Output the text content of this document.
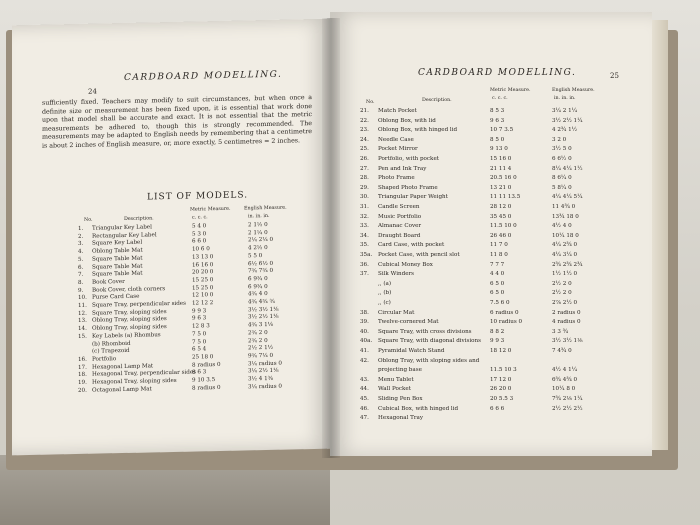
24
CARDBOARD MODELLING.
sufficiently fixed. Teachers may modify to suit circumstances, but when once a definite size or measurement has been fixed upon, it is essential that work done upon that model shall be accurate and exact. It is not essential that the metric measurements be adhered to, though this is strongly recommended. The measurements may be adapted to English needs by remembering that a centimetre is about 2 inches of English measure, or, more exactly, 5 centimetres = 2 inches.
LIST OF MODELS.
Metric Measure.	English Measure.
No.	Description.	c. c. c.	in. in. in.
1. Triangular Key Label	5 4 0	2 1½ 0
2. Rectangular Key Label	5 3 0	2 1¼ 0
3. Square Key Label	6 6 0	2¼ 2¼ 0
4. Oblong Table Mat	10 6 0	4 2½ 0
5. Square Table Mat	13 13 0	5 5 0
6. Square Table Mat	16 16 0	6½ 6½ 0
7. Square Table Mat	20 20 0	7¾ 7¾ 0
8. Book Cover	15 25 0	6 9¾ 0
9. Book Cover, cloth corners	15 25 0	6 9¾ 0
10. Purse Card Case	12 10 0	4¾ 4 0
11. Square Tray, perpendicular sides 12 12 2	4¾ 4¾ ¾
12. Square Tray, sloping sides	9 9 3	3½ 3½ 1⅛
13. Oblong Tray, sloping sides	9 6 3	3½ 2½ 1⅛
14. Oblong Tray, sloping sides	12 8 3	4¾ 3 1⅛
15. Key Labels (a) Rhombus	7 5 0	2¾ 2 0
(b) Rhomboid	7 5 0	2¾ 2 0
(c) Trapezoid	6 5 4	2½ 2 1½
16. Portfolio	25 18 0	9¾ 7¼ 0
17. Hexagonal Lamp Mat	8 radius 0	3¼ radius 0
18. Hexagonal Tray, perpendicular sides
8 6 3	3¼ 2½ 1⅛
19. Hexagonal Tray, sloping sides	9 10 3.5	3½ 4 1⅜
20. Octagonal Lamp Mat	8 radius 0	3¼ radius 0
CARDBOARD MODELLING.	25
Metric Measure.	English Measure.
No.	Description.	c. c. c.	in. in. in.
21. Match Pocket	8 5 3	3¼ 2 1¼
22. Oblong Box, with lid	9 6 3	3½ 2½ 1¼
23. Oblong Box, with hinged lid	10 7 3.5	4 2¾ 1½
24. Needle Case	8 5 0	3 2 0
25. Pocket Mirror	9 13 0	3½ 5 0
26. Portfolio, with pocket	15 16 0	6 6½ 0
27. Pen and Ink Tray	21 11 4	8¼ 4¼ 1½
28. Photo Frame	20.5 16 0	8 6¼ 0
29. Shaped Photo Frame	13 21 0	5 8¼ 0
30. Triangular Paper Weight	11 11 13.5	4¼ 4¼ 5¼
31. Candle Screen	28 12 0	11 4¾ 0
32. Music Portfolio	35 45 0	13¾ 18 0
33. Almanac Cover	11.5 10 0	4½ 4 0
34. Draught Board	26 46 0	10¼ 18 0
35. Card Case, with pocket	11 7 0	4¼ 2¾ 0
35a. Pocket Case, with pencil slot	11 8 0	4¼ 3¼ 0
36. Cubical Money Box	7 7 7	2¾ 2¾ 2¾
37. Silk Winders	4 4 0	1½ 1½ 0
,, (a)	6 5 0	2½ 2 0
,, (b)	6 5 0	2½ 2 0
,, (c)	7.5 6 0	2⅞ 2½ 0
38. Circular Mat	6 radius 0	2 radius 0
39. Twelve-cornered Mat	10 radius 0	4 radius 0
40. Square Tray, with cross divisions	8 8 2	3 3 ¾
40a. Square Tray, with diagonal divisions 9 9 3	3½ 3½ 1⅛
41. Pyramidal Watch Stand	18 12 0	7 4¾ 0
42. Oblong Tray, with sloping sides and
projecting base	11.5 10 3	4½ 4 1¼
43. Menu Tablet	17 12 0	6¾ 4¾ 0
44. Wall Pocket	26 20 0	10¼ 8 0
45. Sliding Pen Box	20 5.5 3	7¾ 2⅛ 1¼
46. Cubical Box, with hinged lid	6 6 6	2½ 2½ 2½
47. Hexagonal Tray
